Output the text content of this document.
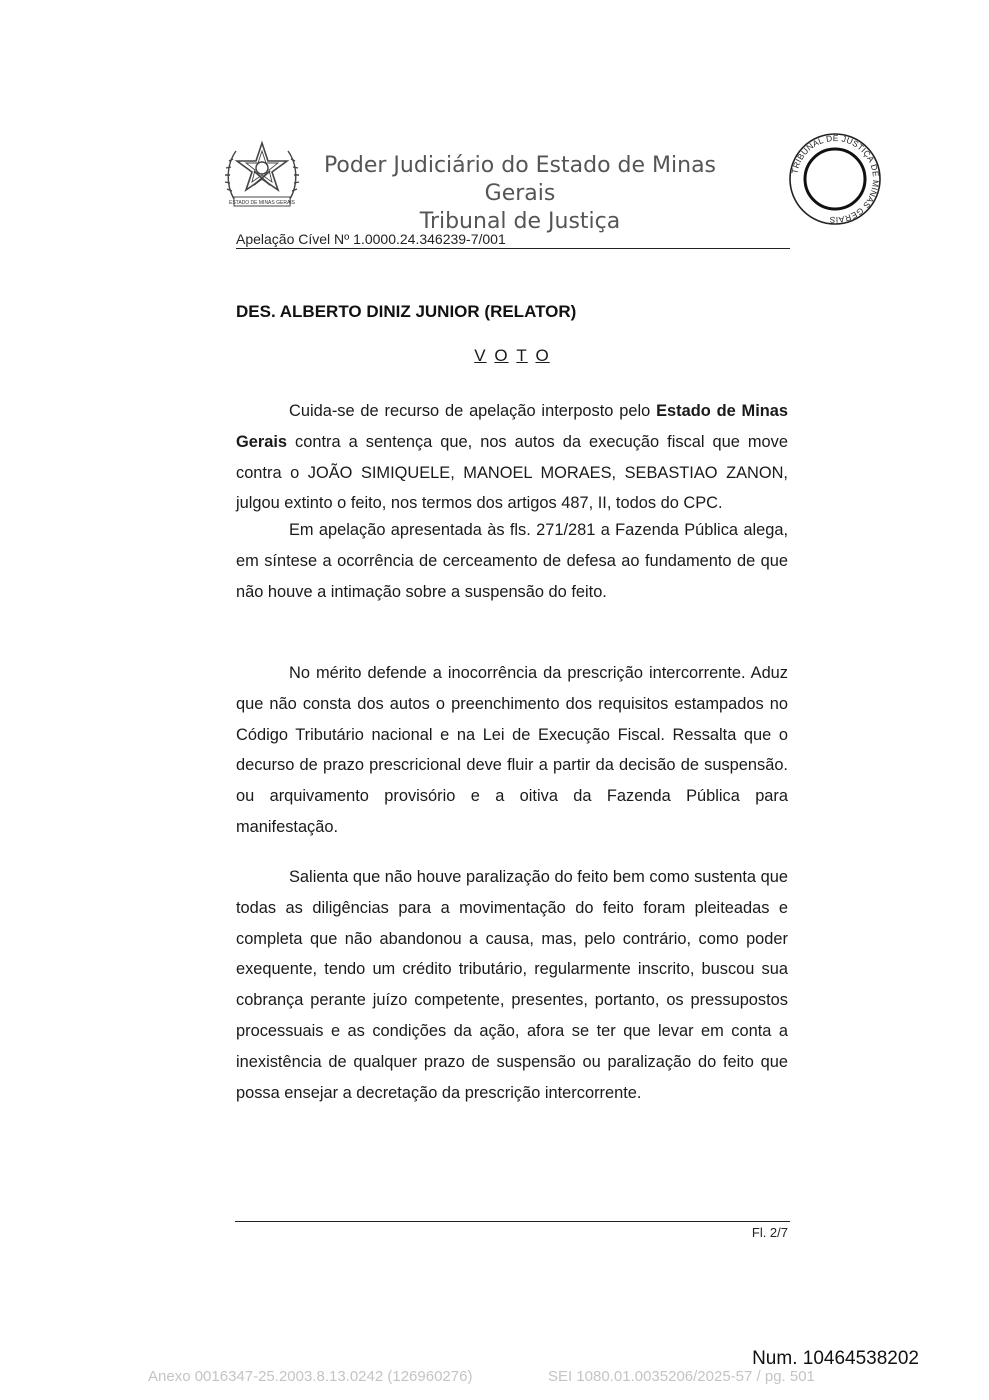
ESTADO DE MINAS GERAIS
Poder Judiciário do Estado de Minas Gerais
Tribunal de Justiça
TRIBUNAL DE JUSTIÇA DE MINAS GERAIS
Apelação Cível Nº 1.0000.24.346239-7/001
DES. ALBERTO DINIZ JUNIOR (RELATOR)
V O T O
Cuida-se de recurso de apelação interposto pelo Estado de Minas Gerais contra a sentença que, nos autos da execução fiscal que move contra o JOÃO SIMIQUELE, MANOEL MORAES, SEBASTIAO ZANON, julgou extinto o feito, nos termos dos artigos 487, II, todos do CPC.
Em apelação apresentada às fls. 271/281 a Fazenda Pública alega, em síntese a ocorrência de cerceamento de defesa ao fundamento de que não houve a intimação sobre a suspensão do feito.
No mérito defende a inocorrência da prescrição intercorrente. Aduz que não consta dos autos o preenchimento dos requisitos estampados no Código Tributário nacional e na Lei de Execução Fiscal. Ressalta que o decurso de prazo prescricional deve fluir a partir da decisão de suspensão. ou arquivamento provisório e a oitiva da Fazenda Pública para manifestação.
Salienta que não houve paralização do feito bem como sustenta que todas as diligências para a movimentação do feito foram pleiteadas e completa que não abandonou a causa, mas, pelo contrário, como poder exequente, tendo um crédito tributário, regularmente inscrito, buscou sua cobrança perante juízo competente, presentes, portanto, os pressupostos processuais e as condições da ação, afora se ter que levar em conta a inexistência de qualquer prazo de suspensão ou paralização do feito que possa ensejar a decretação da prescrição intercorrente.
Fl. 2/7
Num. 10464538202
Anexo 0016347-25.2003.8.13.0242 (126960276)	SEI 1080.01.0035206/2025-57 / pg. 501
